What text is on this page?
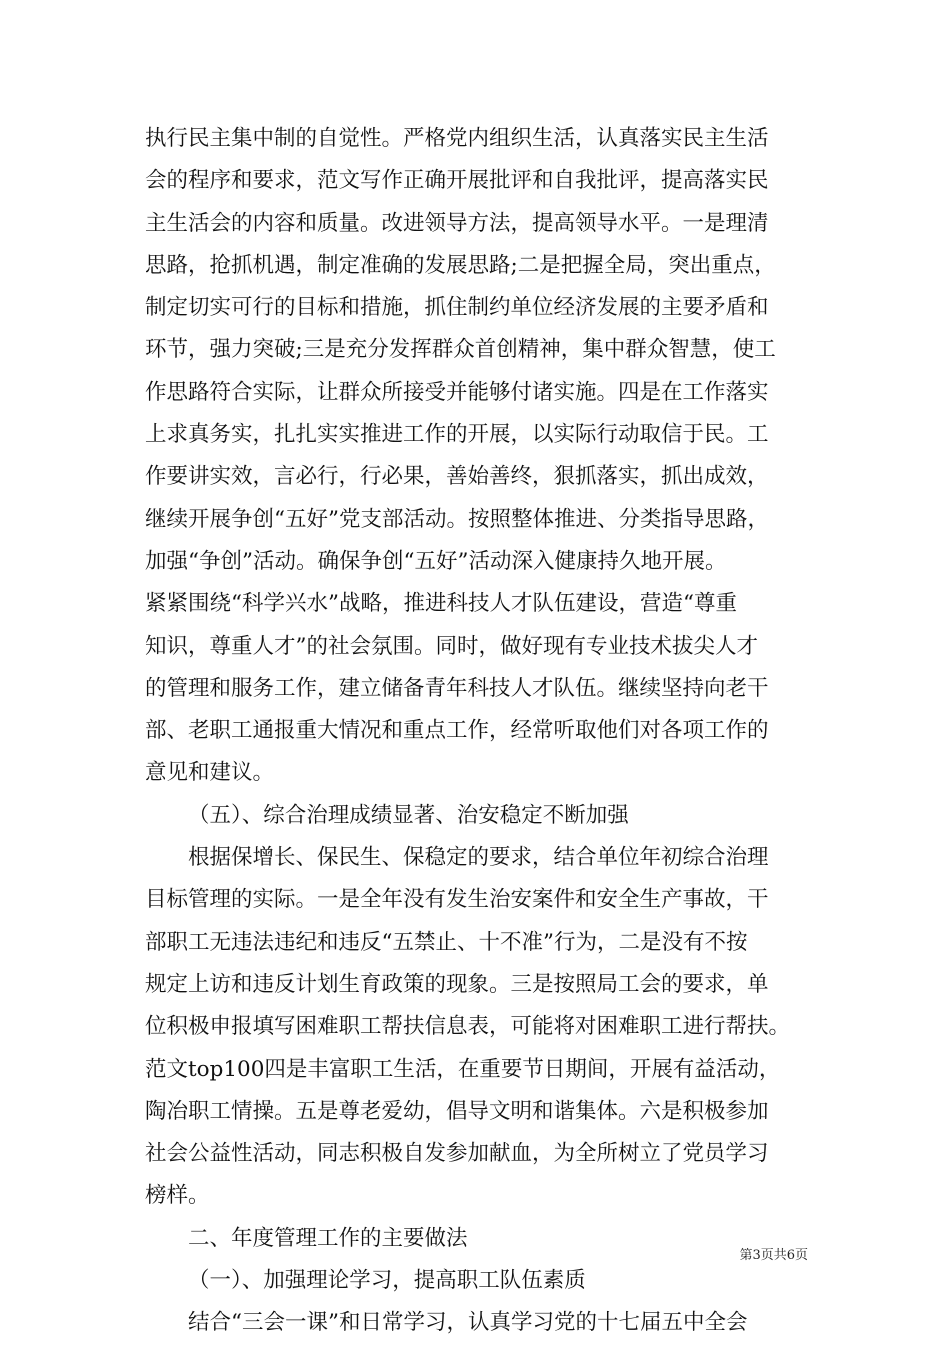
执行民主集中制的自觉性。严格党内组织生活，认真落实民主生活
会的程序和要求，范文写作正确开展批评和自我批评，提高落实民
主生活会的内容和质量。改进领导方法，提高领导水平。一是理清
思路，抢抓机遇，制定准确的发展思路;二是把握全局，突出重点，
制定切实可行的目标和措施，抓住制约单位经济发展的主要矛盾和
环节，强力突破;三是充分发挥群众首创精神，集中群众智慧，使工
作思路符合实际，让群众所接受并能够付诸实施。四是在工作落实
上求真务实，扎扎实实推进工作的开展，以实际行动取信于民。工
作要讲实效，言必行，行必果，善始善终，狠抓落实，抓出成效，
继续开展争创“五好”党支部活动。按照整体推进、分类指导思路，
加强“争创”活动。确保争创“五好”活动深入健康持久地开展。
紧紧围绕“科学兴水”战略，推进科技人才队伍建设，营造“尊重
知识，尊重人才”的社会氛围。同时，做好现有专业技术拔尖人才
的管理和服务工作，建立储备青年科技人才队伍。继续坚持向老干
部、老职工通报重大情况和重点工作，经常听取他们对各项工作的
意见和建议。
（五）、综合治理成绩显著、治安稳定不断加强
根据保增长、保民生、保稳定的要求，结合单位年初综合治理
目标管理的实际。一是全年没有发生治安案件和安全生产事故，干
部职工无违法违纪和违反“五禁止、十不准”行为，二是没有不按
规定上访和违反计划生育政策的现象。三是按照局工会的要求，单
位积极申报填写困难职工帮扶信息表，可能将对困难职工进行帮扶。
范文top100四是丰富职工生活，在重要节日期间，开展有益活动，
陶冶职工情操。五是尊老爱幼，倡导文明和谐集体。六是积极参加
社会公益性活动，同志积极自发参加献血，为全所树立了党员学习
榜样。
二、年度管理工作的主要做法
（一）、加强理论学习，提高职工队伍素质
结合“三会一课”和日常学习，认真学习党的十七届五中全会
第3页共6页
